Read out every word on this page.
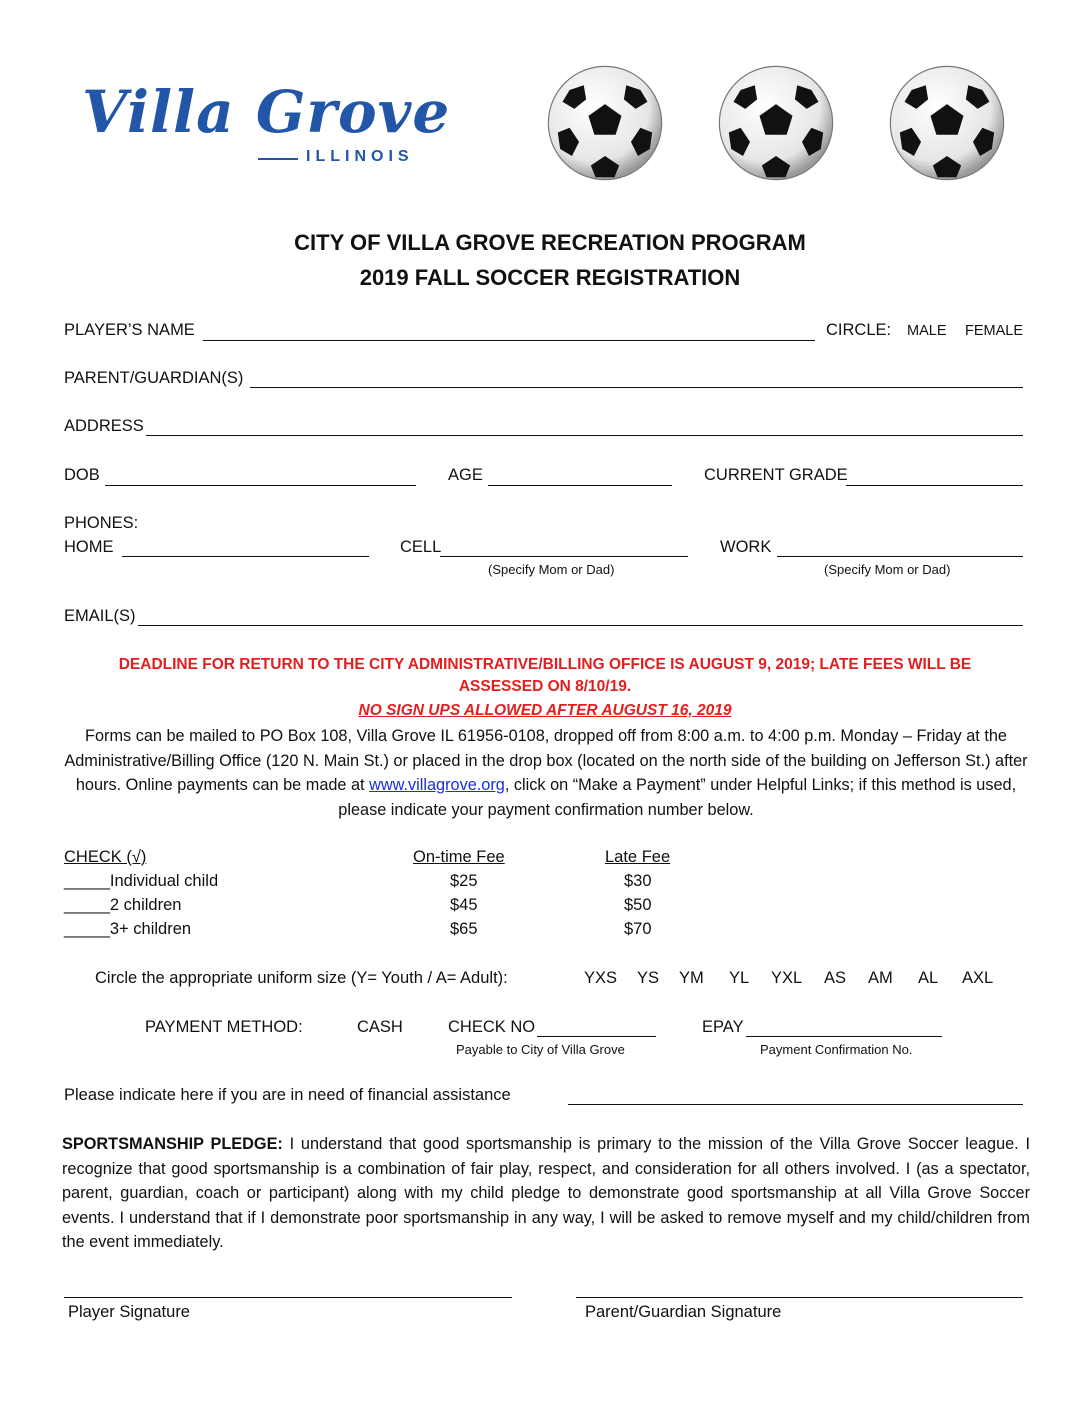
Villa Grove
ILLINOIS
CITY OF VILLA GROVE RECREATION PROGRAM
2019 FALL SOCCER REGISTRATION
PLAYER’S NAME	CIRCLE: MALE FEMALE
PARENT/GUARDIAN(S)
ADDRESS
DOB	AGE	CURRENT GRADE
PHONES:
HOME	CELL
(Specify Mom or Dad)
WORK
(Specify Mom or Dad)
EMAIL(S)
DEADLINE FOR RETURN TO THE CITY ADMINISTRATIVE/BILLING OFFICE IS AUGUST 9, 2019; LATE FEES WILL BE
ASSESSED ON 8/10/19.
NO SIGN UPS ALLOWED AFTER AUGUST 16, 2019
Forms can be mailed to PO Box 108, Villa Grove IL 61956-0108, dropped off from 8:00 a.m. to 4:00 p.m. Monday – Friday at the Administrative/Billing Office (120 N. Main St.) or placed in the drop box (located on the north side of the building on Jefferson St.) after hours. Online payments can be made at www.villagrove.org, click on “Make a Payment” under Helpful Links; if this method is used, please indicate your payment confirmation number below.
CHECK (√)	On-time Fee	Late Fee
_____Individual child	$25	$30
_____2 children	$45	$50
_____3+ children	$65	$70
Circle the appropriate uniform size (Y= Youth / A= Adult):	YXS YS YM YL YXL AS AM AL AXL
PAYMENT METHOD:	CASH	CHECK NO
Payable to City of Villa Grove
EPAY
Payment Confirmation No.
Please indicate here if you are in need of financial assistance
SPORTSMANSHIP PLEDGE: I understand that good sportsmanship is primary to the mission of the Villa Grove Soccer league. I recognize that good sportsmanship is a combination of fair play, respect, and consideration for all others involved. I (as a spectator, parent, guardian, coach or participant) along with my child pledge to demonstrate good sportsmanship at all Villa Grove Soccer events. I understand that if I demonstrate poor sportsmanship in any way, I will be asked to remove myself and my child/children from the event immediately.
Player Signature	Parent/Guardian Signature
